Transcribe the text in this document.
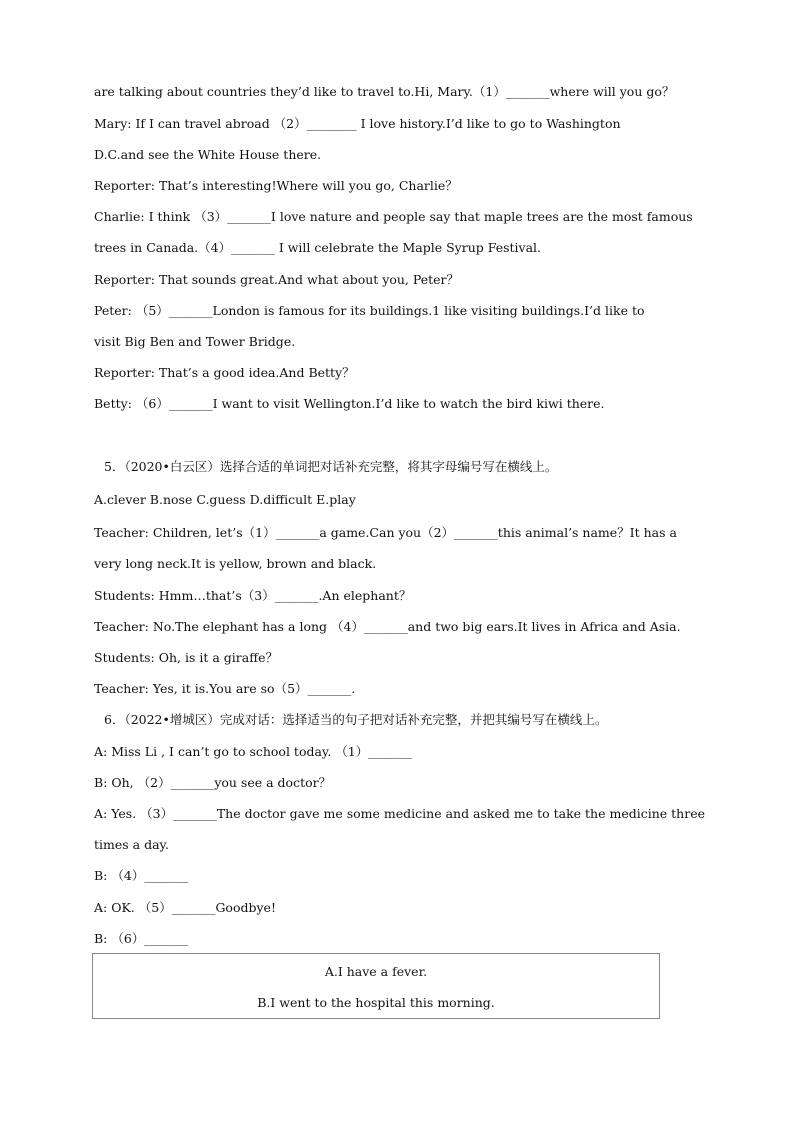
are talking about countries they’d like to travel to.Hi, Mary.（1）_______where will you go？
Mary: If I can travel abroad （2）________ I love history.I’d like to go to Washington
D.C.and see the White House there.
Reporter: That’s interesting!Where will you go, Charlie？
Charlie: I think （3）_______I love nature and people say that maple trees are the most famous
trees in Canada.（4）_______ I will celebrate the Maple Syrup Festival.
Reporter: That sounds great.And what about you, Peter？
Peter: （5）_______London is famous for its buildings.1 like visiting buildings.I’d like to
visit Big Ben and Tower Bridge.
Reporter: That’s a good idea.And Betty？
Betty: （6）_______I want to visit Wellington.I’d like to watch the bird kiwi there.
5．（2020•白云区）选择合适的单词把对话补充完整，将其字母编号写在横线上。
A.clever B.nose C.guess D.difficult E.play
Teacher: Children, let’s（1）_______a game.Can you（2）_______this animal’s name？It has a
very long neck.It is yellow, brown and black.
Students: Hmm…that’s（3）_______.An elephant？
Teacher: No.The elephant has a long （4）_______and two big ears.It lives in Africa and Asia.
Students: Oh, is it a giraffe？
Teacher: Yes, it is.You are so（5）_______.
6．（2022•增城区）完成对话：选择适当的句子把对话补充完整，并把其编号写在横线上。
A: Miss Li , I can’t go to school today. （1）_______
B: Oh, （2）_______you see a doctor？
A: Yes. （3）_______The doctor gave me some medicine and asked me to take the medicine three
times a day.
B: （4）_______
A: OK. （5）_______Goodbye!
B: （6）_______
A.I have a fever.
B.I went to the hospital this morning.
